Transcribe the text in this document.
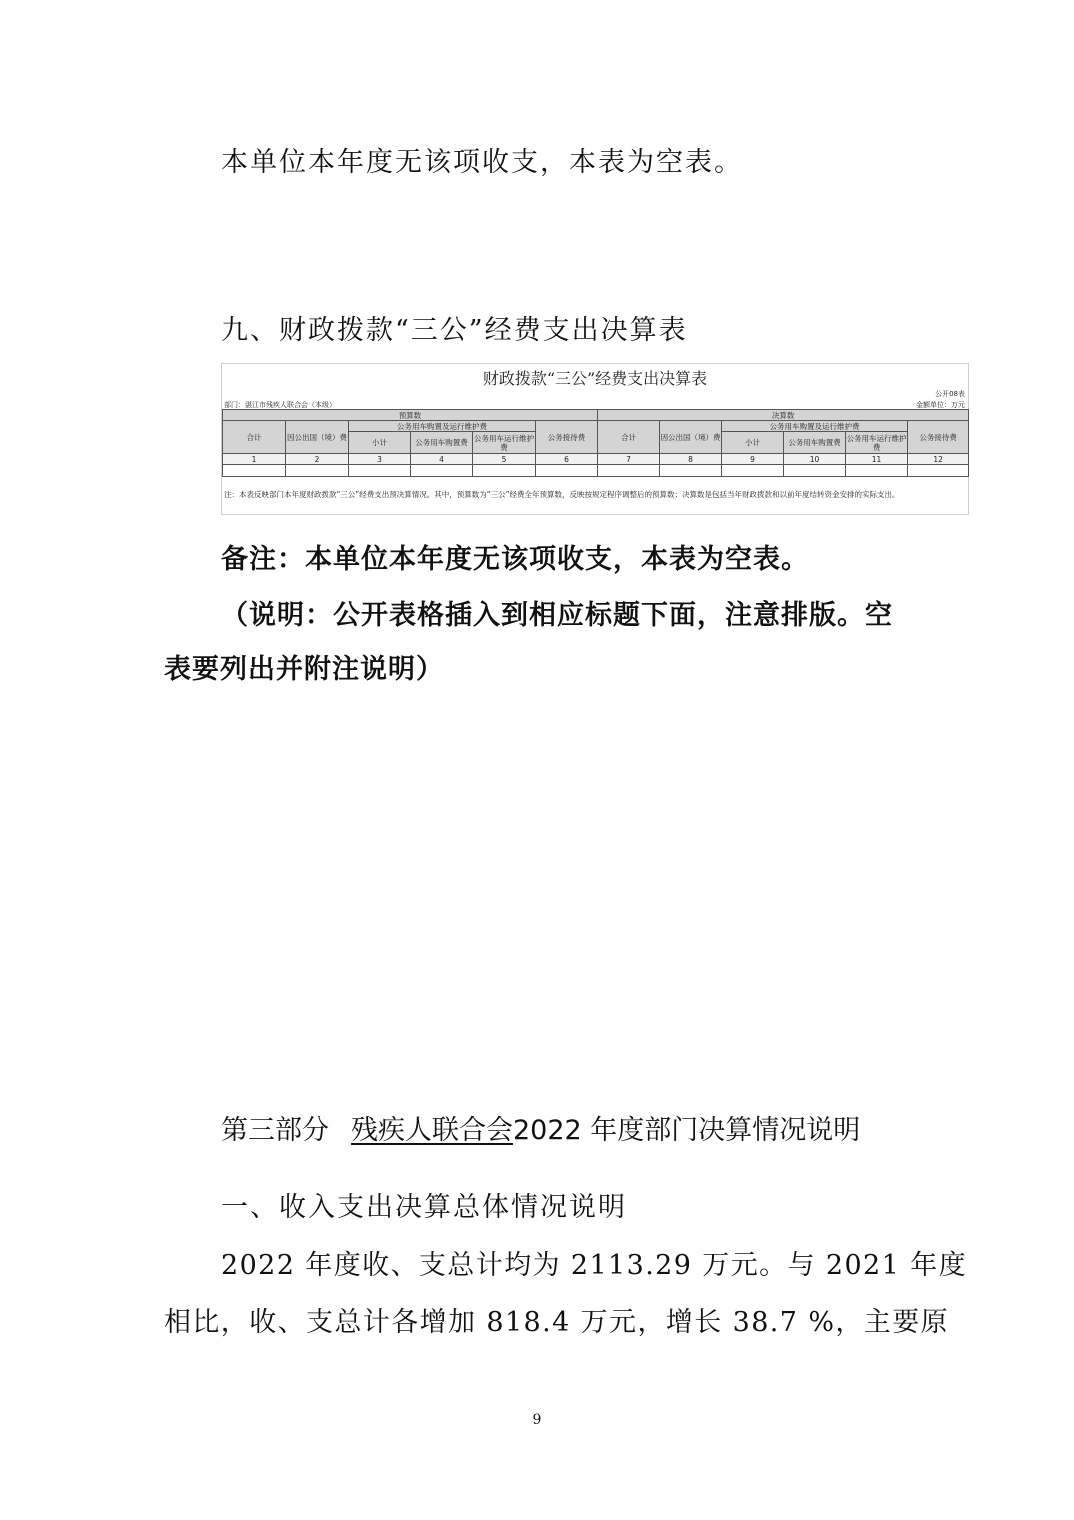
本单位本年度无该项收支，本表为空表。
九、财政拨款“三公”经费支出决算表
财政拨款“三公”经费支出决算表
公开08表
部门：湛江市残疾人联合会（本级）	金额单位：万元
预算数						决算数					
合计	因公出国（境）费	公务用车购置及运行维护费			公务接待费	合计	因公出国（境）费	公务用车购置及运行维护费			公务接待费
		小计	公务用车购置费	公务用车运行维护费				小计	公务用车购置费	公务用车运行维护费	
1	2	3	4	5	6	7	8	9	10	11	12

注：本表反映部门本年度财政拨款“三公”经费支出预决算情况。其中，预算数为“三公”经费全年预算数，反映按规定程序调整后的预算数；决算数是包括当年财政拨款和以前年度结转资金安排的实际支出。
备注：本单位本年度无该项收支，本表为空表。
（说明：公开表格插入到相应标题下面，注意排版。空
表要列出并附注说明）
第三部分 残疾人联合会2022 年度部门决算情况说明
一、收入支出决算总体情况说明
2022 年度收、支总计均为 2113.29 万元。与 2021 年度
相比，收、支总计各增加 818.4 万元，增长 38.7 %，主要原
9
